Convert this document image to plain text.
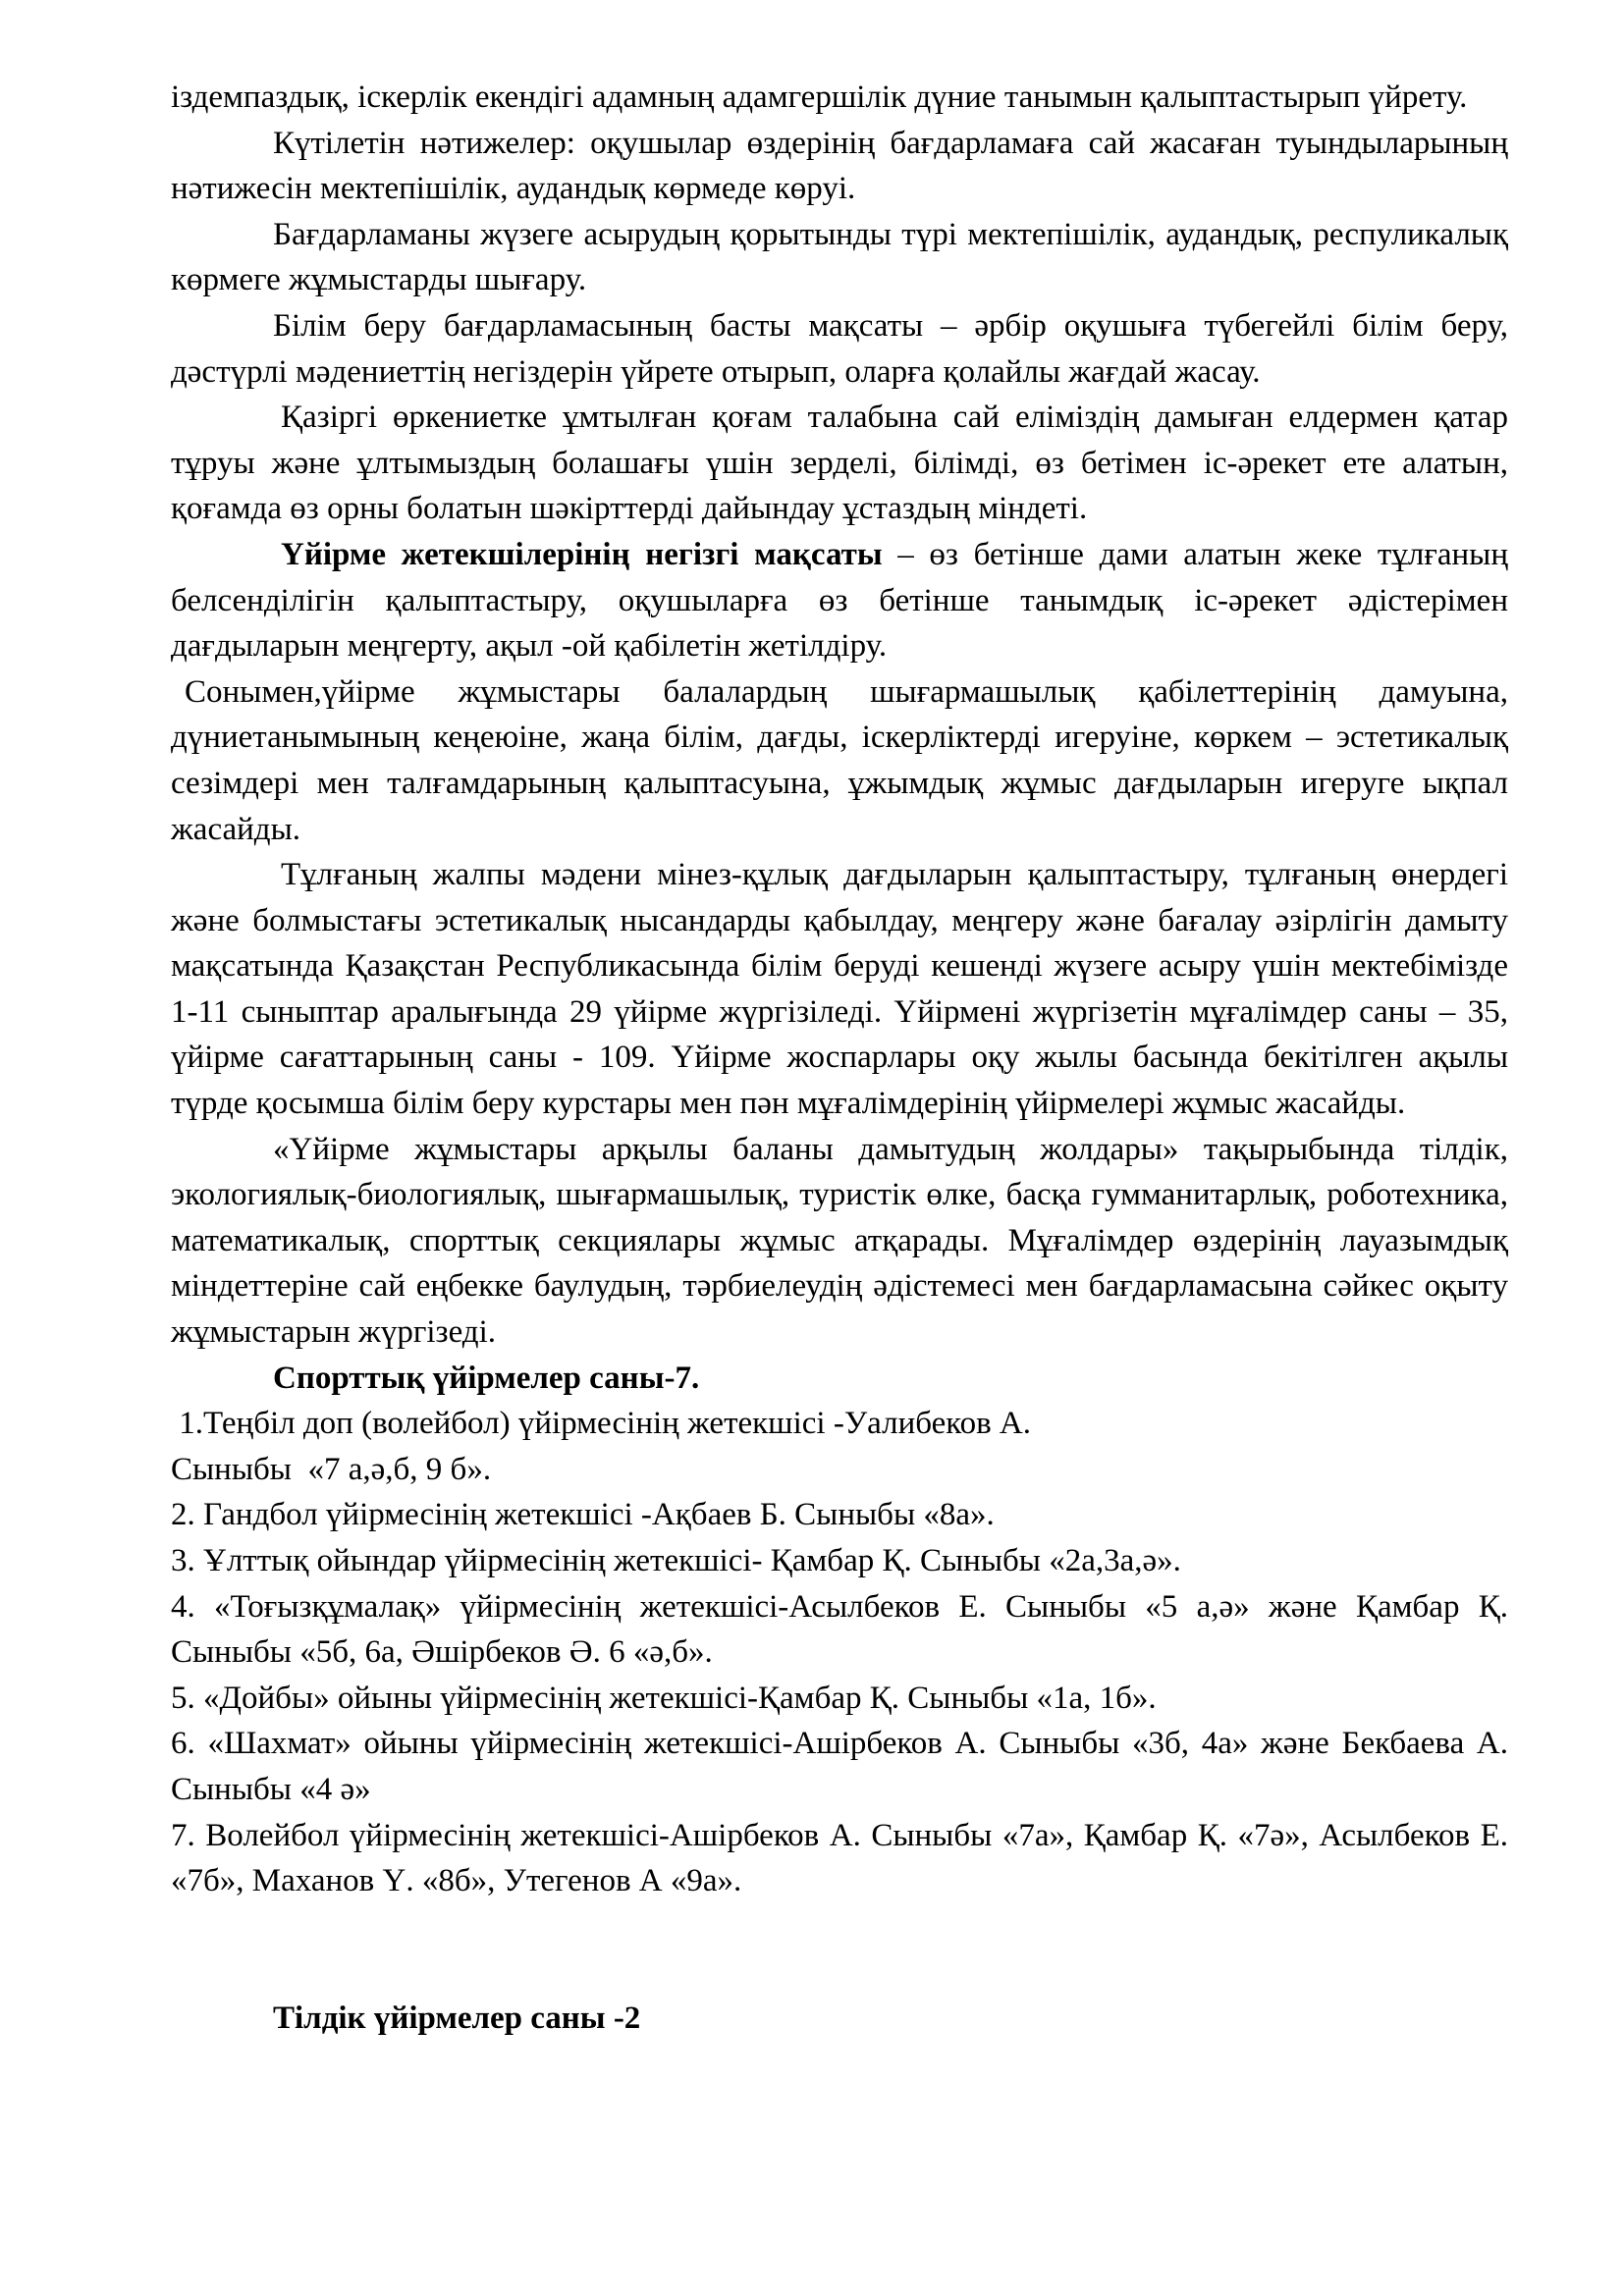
іздемпаздық, іскерлік екендігі адамның адамгершілік дүние танымын қалыптастырып үйрету.

Күтілетін нәтижелер: оқушылар өздерінің бағдарламаға сай жасаған туындыларының нәтижесін мектепішілік, аудандық көрмеде көруі.

Бағдарламаны жүзеге асырудың қорытынды түрі мектепішілік, аудандық, респуликалық көрмеге жұмыстарды шығару.

Білім беру бағдарламасының басты мақсаты – әрбір оқушыға түбегейлі білім беру, дәстүрлі мәдениеттің негіздерін үйрете отырып, оларға қолайлы жағдай жасау.

Қазіргі өркениетке ұмтылған қоғам талабына сай еліміздің дамыған елдермен қатар тұруы және ұлтымыздың болашағы үшін зерделі, білімді, өз бетімен іс-әрекет ете алатын, қоғамда өз орны болатын шәкірттерді дайындау ұстаздың міндеті.

Үйірме жетекшілерінің негізгі мақсаты – өз бетінше дами алатын жеке тұлғаның белсенділігін қалыптастыру, оқушыларға өз бетінше танымдық іс-әрекет әдістерімен дағдыларын меңгерту, ақыл -ой қабілетін жетілдіру.

Сонымен,үйірме жұмыстары балалардың шығармашылық қабілеттерінің дамуына, дүниетанымының кеңеюіне, жаңа білім, дағды, іскерліктерді игеруіне, көркем – эстетикалық сезімдері мен талғамдарының қалыптасуына, ұжымдық жұмыс дағдыларын игеруге ықпал жасайды.

Тұлғаның жалпы мәдени мінез-құлық дағдыларын қалыптастыру, тұлғаның өнердегі және болмыстағы эстетикалық нысандарды қабылдау, меңгеру және бағалау әзірлігін дамыту мақсатында Қазақстан Республикасында білім беруді кешенді жүзеге асыру үшін мектебімізде 1-11 сыныптар аралығында 29 үйірме жүргізіледі. Үйірмені жүргізетін мұғалімдер саны – 35, үйірме сағаттарының саны - 109. Үйірме жоспарлары оқу жылы басында бекітілген ақылы түрде қосымша білім беру курстары мен пән мұғалімдерінің үйірмелері жұмыс жасайды.

«Үйірме жұмыстары арқылы баланы дамытудың жолдары» тақырыбында тілдік, экологиялық-биологиялық, шығармашылық, туристік өлке, басқа гумманитарлық, роботехника, математикалық, спорттық секциялары жұмыс атқарады. Мұғалімдер өздерінің лауазымдық міндеттеріне сай еңбекке баулудың, тәрбиелеудің әдістемесі мен бағдарламасына сәйкес оқыту жұмыстарын жүргізеді.

Спорттық үйірмелер саны-7.

1.Теңбіл доп (волейбол) үйірмесінің жетекшісі -Уалибеков А.

Сыныбы  «7 а,ә,б, 9 б».

2. Гандбол үйірмесінің жетекшісі -Ақбаев Б. Сыныбы «8а».

3. Ұлттық ойындар үйірмесінің жетекшісі- Қамбар Қ. Сыныбы «2а,3а,ә».

4. «Тоғызқұмалақ» үйірмесінің жетекшісі-Асылбеков Е. Сыныбы «5 а,ә» және Қамбар Қ. Сыныбы «5б, 6а, Әшірбеков Ә. 6 «ә,б».

5. «Дойбы» ойыны үйірмесінің жетекшісі-Қамбар Қ. Сыныбы «1а, 1б».

6. «Шахмат» ойыны үйірмесінің жетекшісі-Ашірбеков А. Сыныбы «3б, 4а» және Бекбаева А. Сыныбы «4 ә»

7. Волейбол үйірмесінің жетекшісі-Ашірбеков А. Сыныбы «7а», Қамбар Қ. «7ә», Асылбеков Е. «7б», Маханов Ү. «8б», Утегенов А «9а».

Тілдік үйірмелер саны -2
